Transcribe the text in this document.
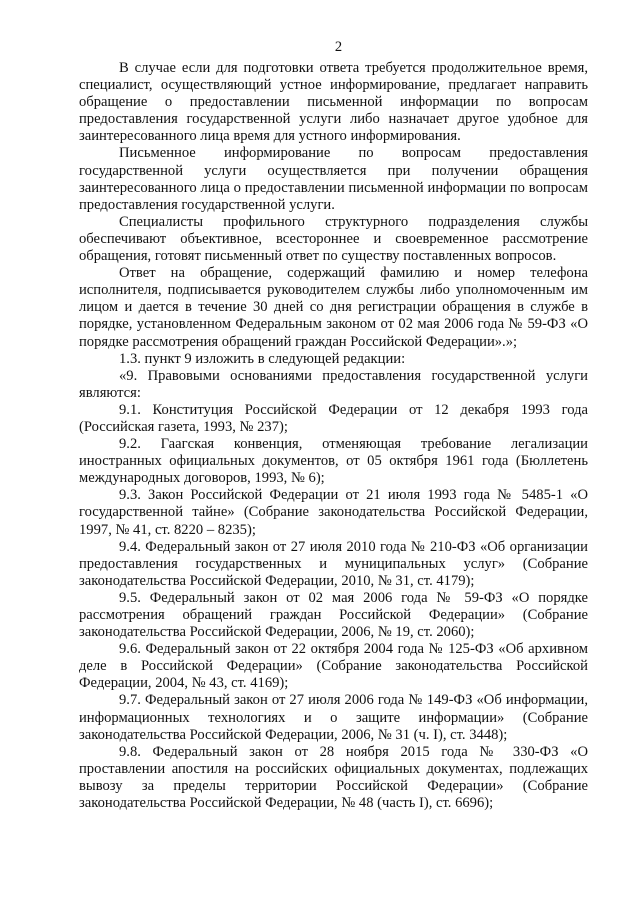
2

В случае если для подготовки ответа требуется продолжительное время, специалист, осуществляющий устное информирование, предлагает направить обращение о предоставлении письменной информации по вопросам предоставления государственной услуги либо назначает другое удобное для заинтересованного лица время для устного информирования.

Письменное информирование по вопросам предоставления государственной услуги осуществляется при получении обращения заинтересованного лица о предоставлении письменной информации по вопросам предоставления государственной услуги.

Специалисты профильного структурного подразделения службы обеспечивают объективное, всестороннее и своевременное рассмотрение обращения, готовят письменный ответ по существу поставленных вопросов.

Ответ на обращение, содержащий фамилию и номер телефона исполнителя, подписывается руководителем службы либо уполномоченным им лицом и дается в течение 30 дней со дня регистрации обращения в службе в порядке, установленном Федеральным законом от 02 мая 2006 года № 59-ФЗ «О порядке рассмотрения обращений граждан Российской Федерации».»;

1.3. пункт 9 изложить в следующей редакции:

«9. Правовыми основаниями предоставления государственной услуги являются:

9.1. Конституция Российской Федерации от 12 декабря 1993 года (Российская газета, 1993, № 237);

9.2. Гаагская конвенция, отменяющая требование легализации иностранных официальных документов, от 05 октября 1961 года (Бюллетень международных договоров, 1993, № 6);

9.3. Закон Российской Федерации от 21 июля 1993 года № 5485-1 «О государственной тайне» (Собрание законодательства Российской Федерации, 1997, № 41, ст. 8220 – 8235);

9.4. Федеральный закон от 27 июля 2010 года № 210-ФЗ «Об организации предоставления государственных и муниципальных услуг» (Собрание законодательства Российской Федерации, 2010, № 31, ст. 4179);

9.5. Федеральный закон от 02 мая 2006 года № 59-ФЗ «О порядке рассмотрения обращений граждан Российской Федерации» (Собрание законодательства Российской Федерации, 2006, № 19, ст. 2060);

9.6. Федеральный закон от 22 октября 2004 года № 125-ФЗ «Об архивном деле в Российской Федерации» (Собрание законодательства Российской Федерации, 2004, № 43, ст. 4169);

9.7. Федеральный закон от 27 июля 2006 года № 149-ФЗ «Об информации, информационных технологиях и о защите информации» (Собрание законодательства Российской Федерации, 2006, № 31 (ч. I), ст. 3448);

9.8. Федеральный закон от 28 ноября 2015 года № 330-ФЗ «О проставлении апостиля на российских официальных документах, подлежащих вывозу за пределы территории Российской Федерации» (Собрание законодательства Российской Федерации, № 48 (часть I), ст. 6696);
